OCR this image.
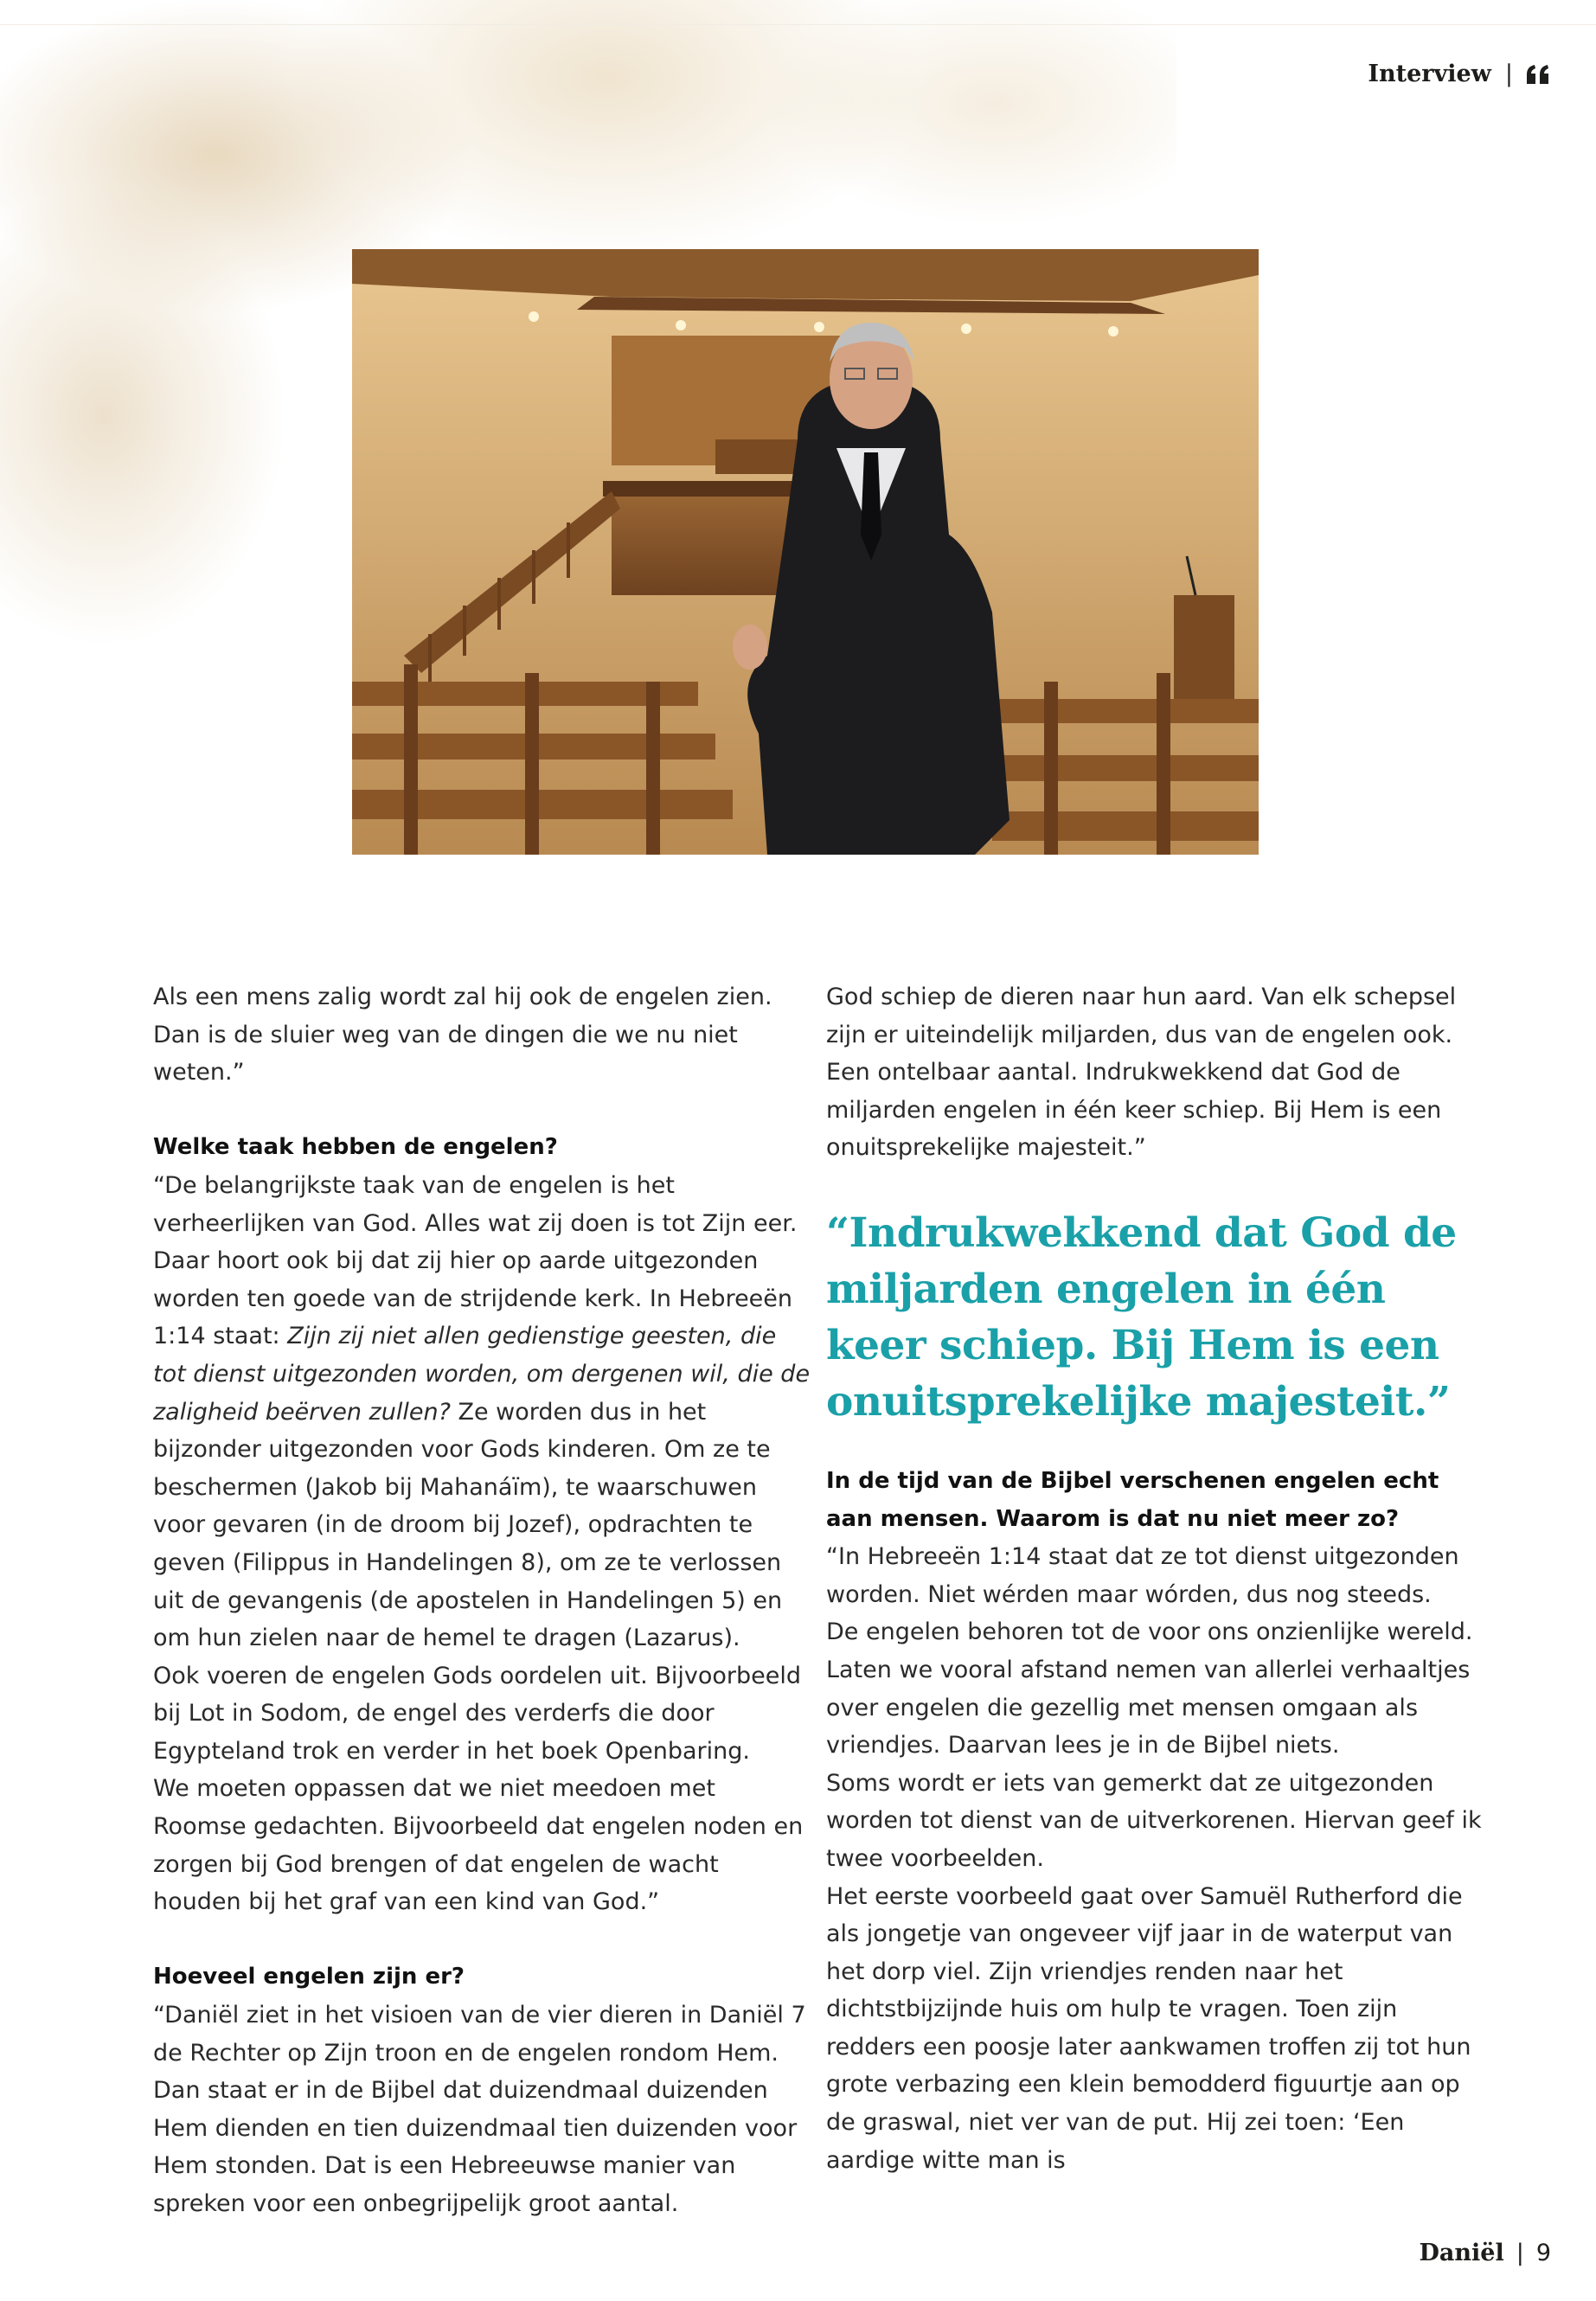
Interview |

Als een mens zalig wordt zal hij ook de engelen zien. Dan is de sluier weg van de dingen die we nu niet weten.”

Welke taak hebben de engelen?

“De belangrijkste taak van de engelen is het verheerlijken van God. Alles wat zij doen is tot Zijn eer. Daar hoort ook bij dat zij hier op aarde uitgezonden worden ten goede van de strijdende kerk. In Hebreeën 1:14 staat: Zijn zij niet allen gedienstige geesten, die tot dienst uitgezonden worden, om dergenen wil, die de zaligheid beërven zullen? Ze worden dus in het bijzonder uitgezonden voor Gods kinderen. Om ze te beschermen (Jakob bij Mahanáïm), te waarschuwen voor gevaren (in de droom bij Jozef), opdrachten te geven (Filippus in Handelingen 8), om ze te verlossen uit de gevangenis (de apostelen in Handelingen 5) en om hun zielen naar de hemel te dragen (Lazarus).

Ook voeren de engelen Gods oordelen uit. Bijvoorbeeld bij Lot in Sodom, de engel des verderfs die door Egypteland trok en verder in het boek Openbaring.

We moeten oppassen dat we niet meedoen met Roomse gedachten. Bijvoorbeeld dat engelen noden en zorgen bij God brengen of dat engelen de wacht houden bij het graf van een kind van God.”

Hoeveel engelen zijn er?

“Daniël ziet in het visioen van de vier dieren in Daniël 7 de Rechter op Zijn troon en de engelen rondom Hem. Dan staat er in de Bijbel dat duizendmaal duizenden Hem dienden en tien duizendmaal tien duizenden voor Hem stonden. Dat is een Hebreeuwse manier van spreken voor een onbegrijpelijk groot aantal.

God schiep de dieren naar hun aard. Van elk schepsel zijn er uiteindelijk miljarden, dus van de engelen ook. Een ontelbaar aantal. Indrukwekkend dat God de miljarden engelen in één keer schiep. Bij Hem is een onuitsprekelijke majesteit.”

“Indrukwekkend dat God de miljarden engelen in één keer schiep. Bij Hem is een onuitsprekelijke majesteit.”

In de tijd van de Bijbel verschenen engelen echt aan mensen. Waarom is dat nu niet meer zo?

“In Hebreeën 1:14 staat dat ze tot dienst uitgezonden worden. Niet wérden maar wórden, dus nog steeds.

De engelen behoren tot de voor ons onzienlijke wereld.

Laten we vooral afstand nemen van allerlei verhaaltjes over engelen die gezellig met mensen omgaan als vriendjes. Daarvan lees je in de Bijbel niets.

Soms wordt er iets van gemerkt dat ze uitgezonden worden tot dienst van de uitverkorenen. Hiervan geef ik twee voorbeelden.

Het eerste voorbeeld gaat over Samuël Rutherford die als jongetje van ongeveer vijf jaar in de waterput van het dorp viel. Zijn vriendjes renden naar het dichtstbijzijnde huis om hulp te vragen. Toen zijn redders een poosje later aankwamen troffen zij tot hun grote verbazing een klein bemodderd figuurtje aan op de graswal, niet ver van de put. Hij zei toen: ‘Een aardige witte man is

Daniël | 9
